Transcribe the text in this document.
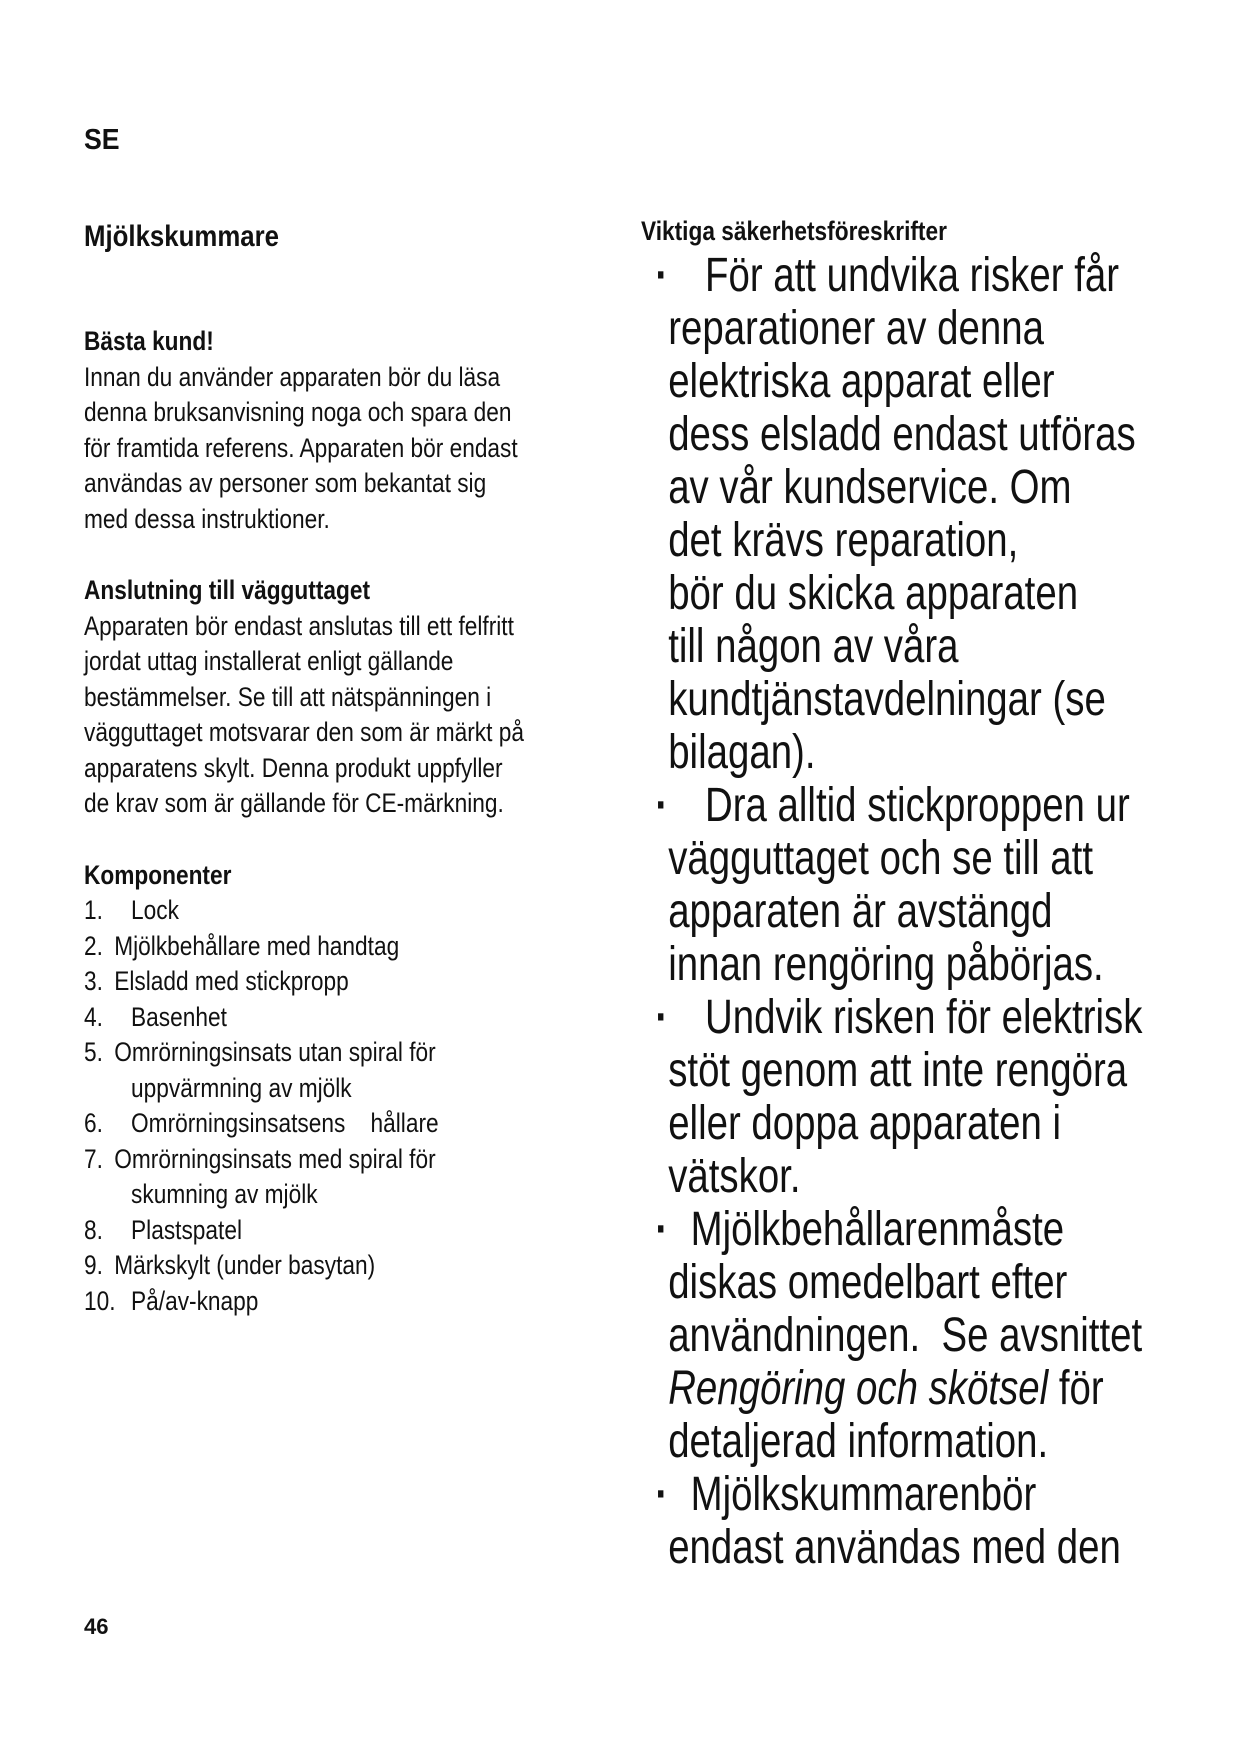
SE
Mjölkskummare
Bästa kund!
Innan du använder apparaten bör du läsa
denna bruksanvisning noga och spara den
för framtida referens. Apparaten bör endast
användas av personer som bekantat sig
med dessa instruktioner.
Anslutning till vägguttaget
Apparaten bör endast anslutas till ett felfritt
jordat uttag installerat enligt gällande
bestämmelser. Se till att nätspänningen i
vägguttaget motsvarar den som är märkt på
apparatens skylt. Denna produkt uppfyller
de krav som är gällande för CE-märkning.
Komponenter
1. Lock
2. Mjölkbehållare med handtag
3. Elsladd med stickpropp
4. Basenhet
5. Omrörningsinsats utan spiral för
uppvärmning av mjölk
6. Omrörningsinsatsens    hållare
7. Omrörningsinsats med spiral för
skumning av mjölk
8. Plastspatel
9. Märkskylt (under basytan)
10. På/av-knapp
Viktiga säkerhetsföreskrifter
· För att undvika risker får
reparationer av denna
elektriska apparat eller
dess elsladd endast utföras
av vår kundservice. Om
det krävs reparation,
bör du skicka apparaten
till någon av våra
kundtjänstavdelningar (se
bilagan).
· Dra alltid stickproppen ur
vägguttaget och se till att
apparaten är avstängd
innan rengöring påbörjas.
· Undvik risken för elektrisk
stöt genom att inte rengöra
eller doppa apparaten i
vätskor.
· Mjölkbehållarenmåste
diskas omedelbart efter
användningen.  Se avsnittet
Rengöring och skötsel för
detaljerad information.
· Mjölkskummarenbör
endast användas med den
46
